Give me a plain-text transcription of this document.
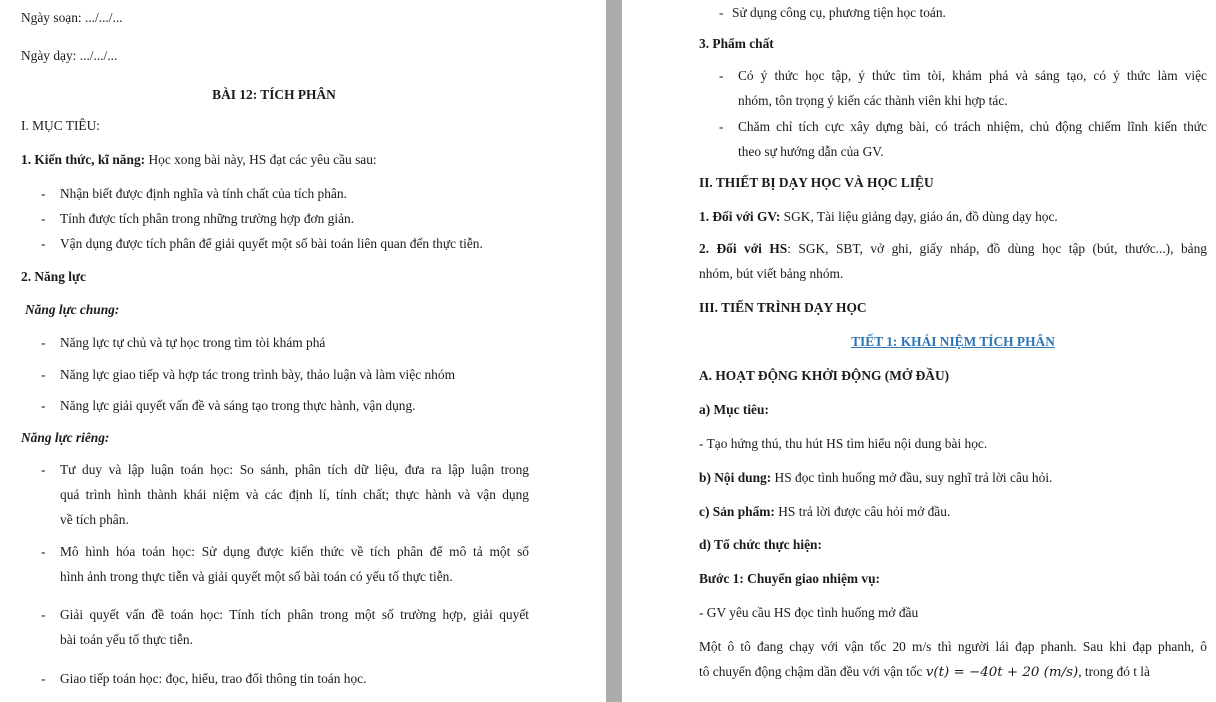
Ngày soạn: .../.../...
Ngày dạy: .../.../...
BÀI 12: TÍCH PHÂN
I. MỤC TIÊU:
1. Kiến thức, kĩ năng: Học xong bài này, HS đạt các yêu cầu sau:
- Nhận biết được định nghĩa và tính chất của tích phân.
- Tính được tích phân trong những trường hợp đơn giản.
- Vận dụng được tích phân để giải quyết một số bài toán liên quan đến thực tiễn.
2. Năng lực
Năng lực chung:
- Năng lực tự chủ và tự học trong tìm tòi khám phá
- Năng lực giao tiếp và hợp tác trong trình bày, thảo luận và làm việc nhóm
- Năng lực giải quyết vấn đề và sáng tạo trong thực hành, vận dụng.
Năng lực riêng:
- Tư duy và lập luận toán học: So sánh, phân tích dữ liệu, đưa ra lập luận trong
quá trình hình thành khái niệm và các định lí, tính chất; thực hành và vận dụng
về tích phân.
- Mô hình hóa toán học: Sử dụng được kiến thức về tích phân để mô tả một số
hình ảnh trong thực tiễn và giải quyết một số bài toán có yếu tố thực tiễn.
- Giải quyết vấn đề toán học: Tính tích phân trong một số trường hợp, giải quyết
bài toán yếu tố thực tiễn.
- Giao tiếp toán học: đọc, hiểu, trao đổi thông tin toán học.
- Sử dụng công cụ, phương tiện học toán.
3. Phẩm chất
- Có ý thức học tập, ý thức tìm tòi, khám phá và sáng tạo, có ý thức làm việc
nhóm, tôn trọng ý kiến các thành viên khi hợp tác.
- Chăm chỉ tích cực xây dựng bài, có trách nhiệm, chủ động chiếm lĩnh kiến thức
theo sự hướng dẫn của GV.
II. THIẾT BỊ DẠY HỌC VÀ HỌC LIỆU
1. Đối với GV: SGK, Tài liệu giảng dạy, giáo án, đồ dùng dạy học.
2. Đối với HS: SGK, SBT, vở ghi, giấy nháp, đồ dùng học tập (bút, thước...), bảng
nhóm, bút viết bảng nhóm.
III. TIẾN TRÌNH DẠY HỌC
TIẾT 1: KHÁI NIỆM TÍCH PHÂN
A. HOẠT ĐỘNG KHỞI ĐỘNG (MỞ ĐẦU)
a) Mục tiêu:
- Tạo hứng thú, thu hút HS tìm hiểu nội dung bài học.
b) Nội dung: HS đọc tình huống mở đầu, suy nghĩ trả lời câu hỏi.
c) Sản phẩm: HS trả lời được câu hỏi mở đầu.
d) Tổ chức thực hiện:
Bước 1: Chuyển giao nhiệm vụ:
- GV yêu cầu HS đọc tình huống mở đầu
Một ô tô đang chạy với vận tốc 20 m/s thì người lái đạp phanh. Sau khi đạp phanh, ô
tô chuyển động chậm dần đều với vận tốc v(t) = −40t + 20 (m/s), trong đó t là
